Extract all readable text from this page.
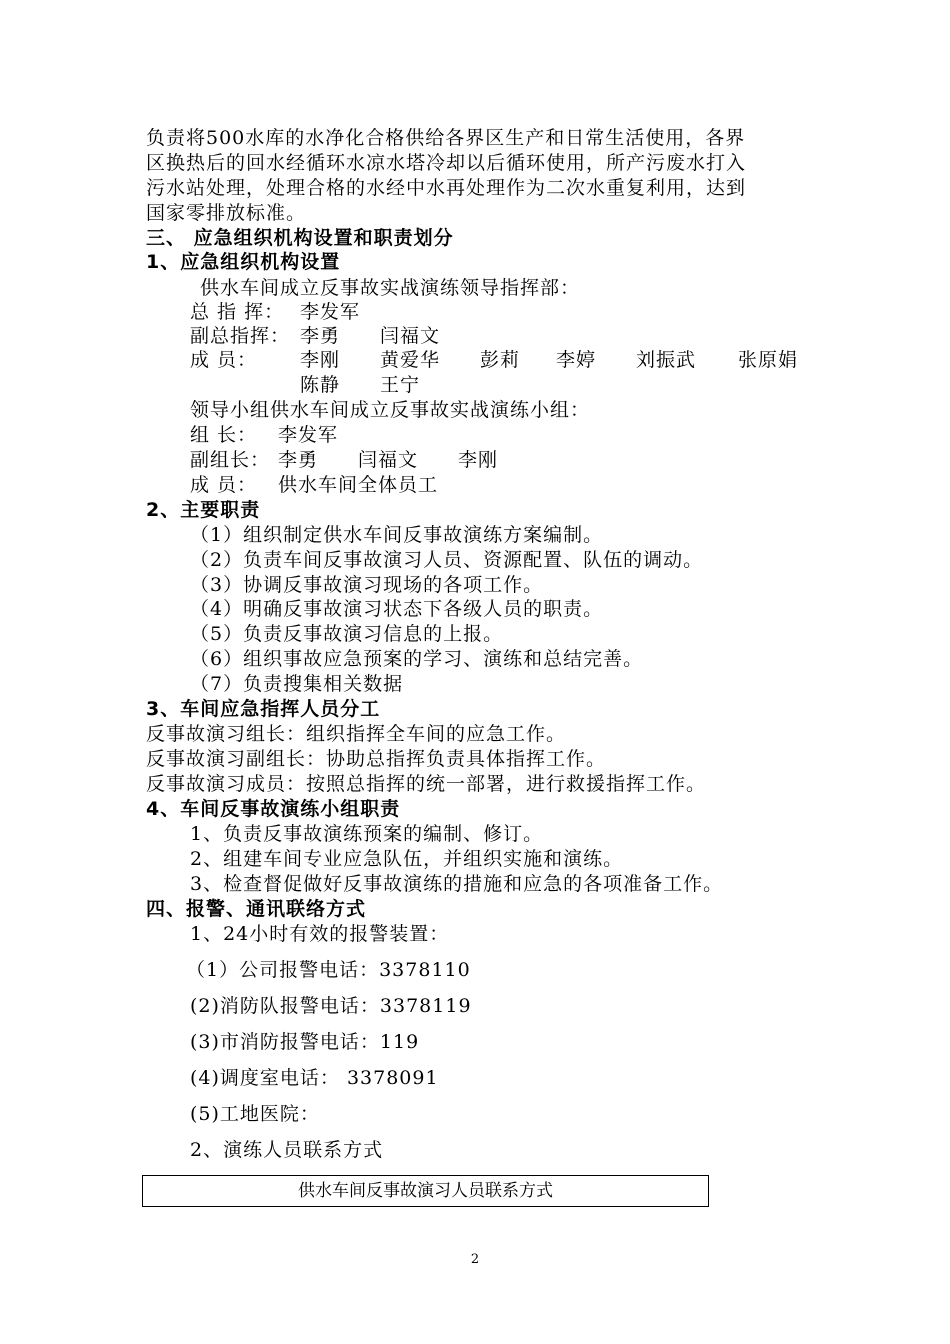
负责将500水库的水净化合格供给各界区生产和日常生活使用，各界
区换热后的回水经循环水凉水塔冷却以后循环使用，所产污废水打入
污水站处理，处理合格的水经中水再处理作为二次水重复利用，达到
国家零排放标准。
三、 应急组织机构设置和职责划分
1、应急组织机构设置
供水车间成立反事故实战演练领导指挥部：
总 指 挥： 李发军
副总指挥： 李勇 闫福文
成 员： 李刚 黄爱华 彭莉 李婷 刘振武 张原娟
陈静 王宁
领导小组供水车间成立反事故实战演练小组：
组 长： 李发军
副组长： 李勇 闫福文 李刚
成 员： 供水车间全体员工
2、主要职责
（1）组织制定供水车间反事故演练方案编制。
（2）负责车间反事故演习人员、资源配置、队伍的调动。
（3）协调反事故演习现场的各项工作。
（4）明确反事故演习状态下各级人员的职责。
（5）负责反事故演习信息的上报。
（6）组织事故应急预案的学习、演练和总结完善。
（7）负责搜集相关数据
3、车间应急指挥人员分工
反事故演习组长：组织指挥全车间的应急工作。
反事故演习副组长：协助总指挥负责具体指挥工作。
反事故演习成员：按照总指挥的统一部署，进行救援指挥工作。
4、车间反事故演练小组职责
1、负责反事故演练预案的编制、修订。
2、组建车间专业应急队伍，并组织实施和演练。
3、检查督促做好反事故演练的措施和应急的各项准备工作。
四、报警、通讯联络方式
1、24小时有效的报警装置：
（1）公司报警电话：3378110
(2)消防队报警电话：3378119
(3)市消防报警电话：119
(4)调度室电话： 3378091
(5)工地医院：
2、演练人员联系方式
供水车间反事故演习人员联系方式
2
